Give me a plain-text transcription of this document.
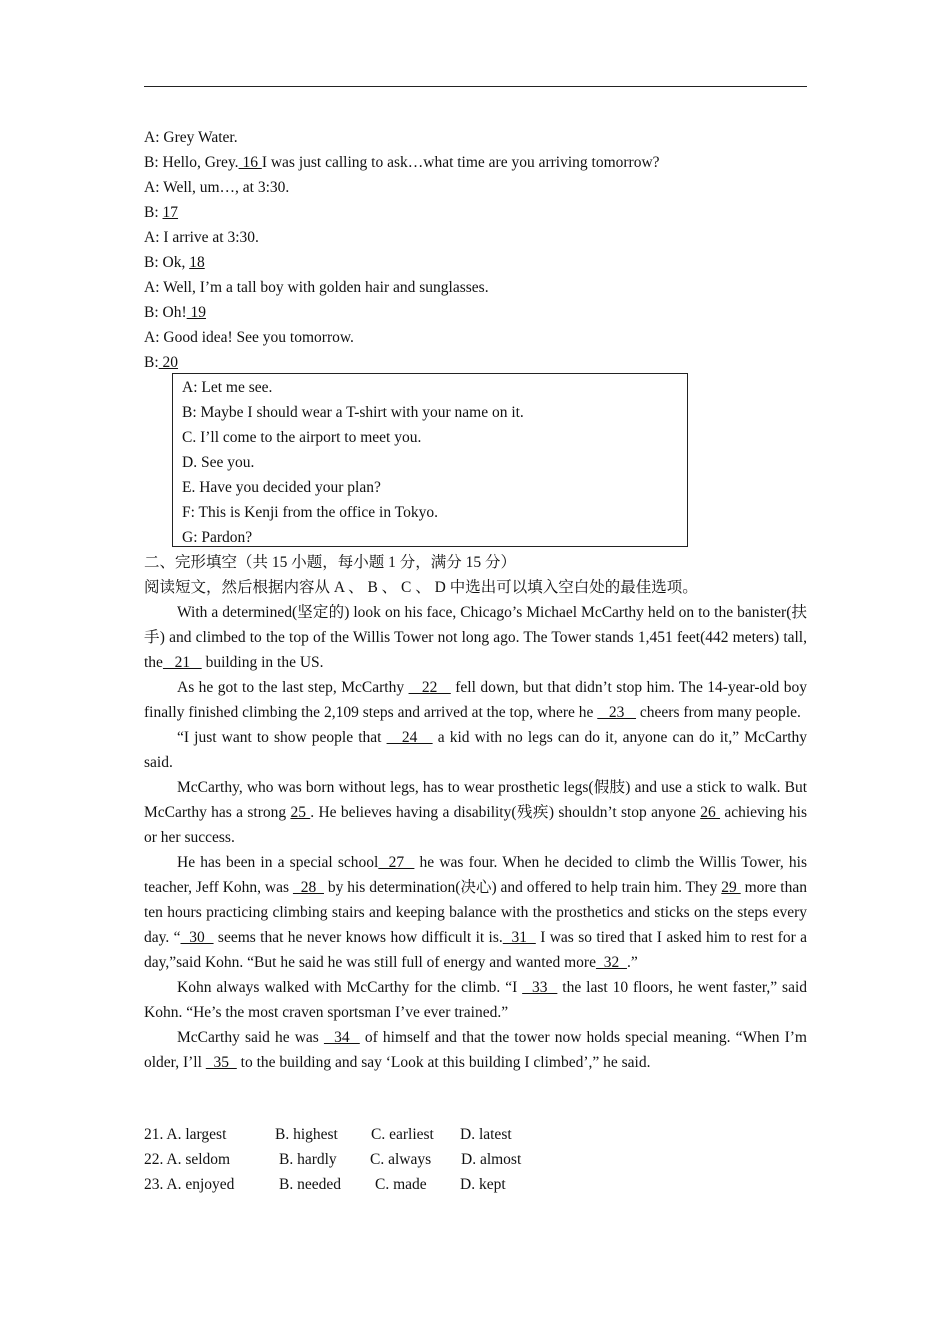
A: Grey Water.
B: Hello, Grey. 16 I was just calling to ask…what time are you arriving tomorrow?
A: Well, um…, at 3:30.
B: 17
A: I arrive at 3:30.
B: Ok, 18
A: Well, I’m a tall boy with golden hair and sunglasses.
B: Oh! 19
A: Good idea! See you tomorrow.
B: 20
A: Let me see.
B: Maybe I should wear a T-shirt with your name on it.
C. I’ll come to the airport to meet you.
D. See you.
E. Have you decided your plan?
F: This is Kenji from the office in Tokyo.
G: Pardon?
二、完形填空（共 15 小题，每小题 1 分，满分 15 分）
阅读短文，然后根据内容从 A 、 B 、 C 、 D 中选出可以填入空白处的最佳选项。

With a determined(坚定的) look on his face, Chicago’s Michael McCarthy held on to the banister(扶手) and climbed to the top of the Willis Tower not long ago. The Tower stands 1,451 feet(442 meters) tall, the   21    building in the US.

As he got to the last step, McCarthy    22    fell down, but that didn’t stop him. The 14-year-old boy finally finished climbing the 2,109 steps and arrived at the top, where he    23    cheers from many people.

“I just want to show people that    24    a kid with no legs can do it, anyone can do it,” McCarthy said.

McCarthy, who was born without legs, has to wear prosthetic legs(假肢) and use a stick to walk. But McCarthy has a strong 25 . He believes having a disability(残疾) shouldn’t stop anyone 26  achieving his or her success.

He has been in a special school  27   he was four. When he decided to climb the Willis Tower, his teacher, Jeff Kohn, was   28   by his determination(决心) and offered to help train him. They 29  more than ten hours practicing climbing stairs and keeping balance with the prosthetics and sticks on the steps every day. “  30   seems that he never knows how difficult it is.  31   I was so tired that I asked him to rest for a day,”said Kohn. “But he said he was still full of energy and wanted more  32  .”

Kohn always walked with McCarthy for the climb. “I   33   the last 10 floors, he went faster,” said Kohn. “He’s the most craven sportsman I’ve ever trained.”

McCarthy said he was   34   of himself and that the tower now holds special meaning. “When I’m older, I’ll   35   to the building and say ‘Look at this building I climbed’,” he said.

21. A. largest	B. highest C. earliest D. latest
22. A. seldom	B. hardly C. always D. almost
23. A. enjoyed	B. needed C. made D. kept
